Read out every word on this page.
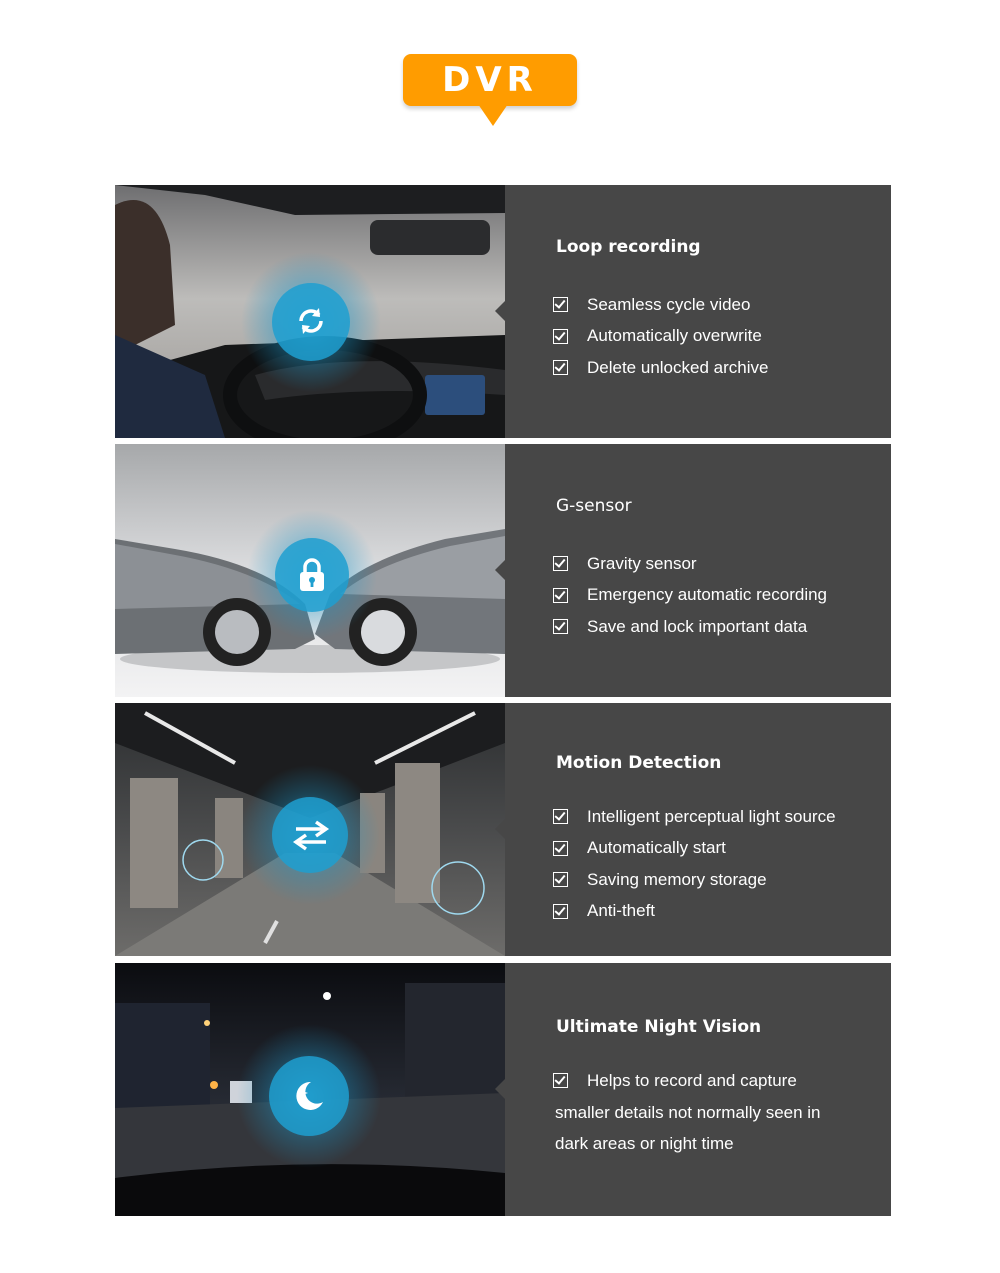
DVR
Loop recording
Seamless cycle video
Automatically overwrite
Delete unlocked archive
G-sensor
Gravity sensor
Emergency automatic recording
Save and lock important data
Motion Detection
Intelligent perceptual light source
Automatically start
Saving memory storage
Anti-theft
Ultimate Night Vision
Helps to record and capture
smaller details not normally seen in
dark areas or night time
